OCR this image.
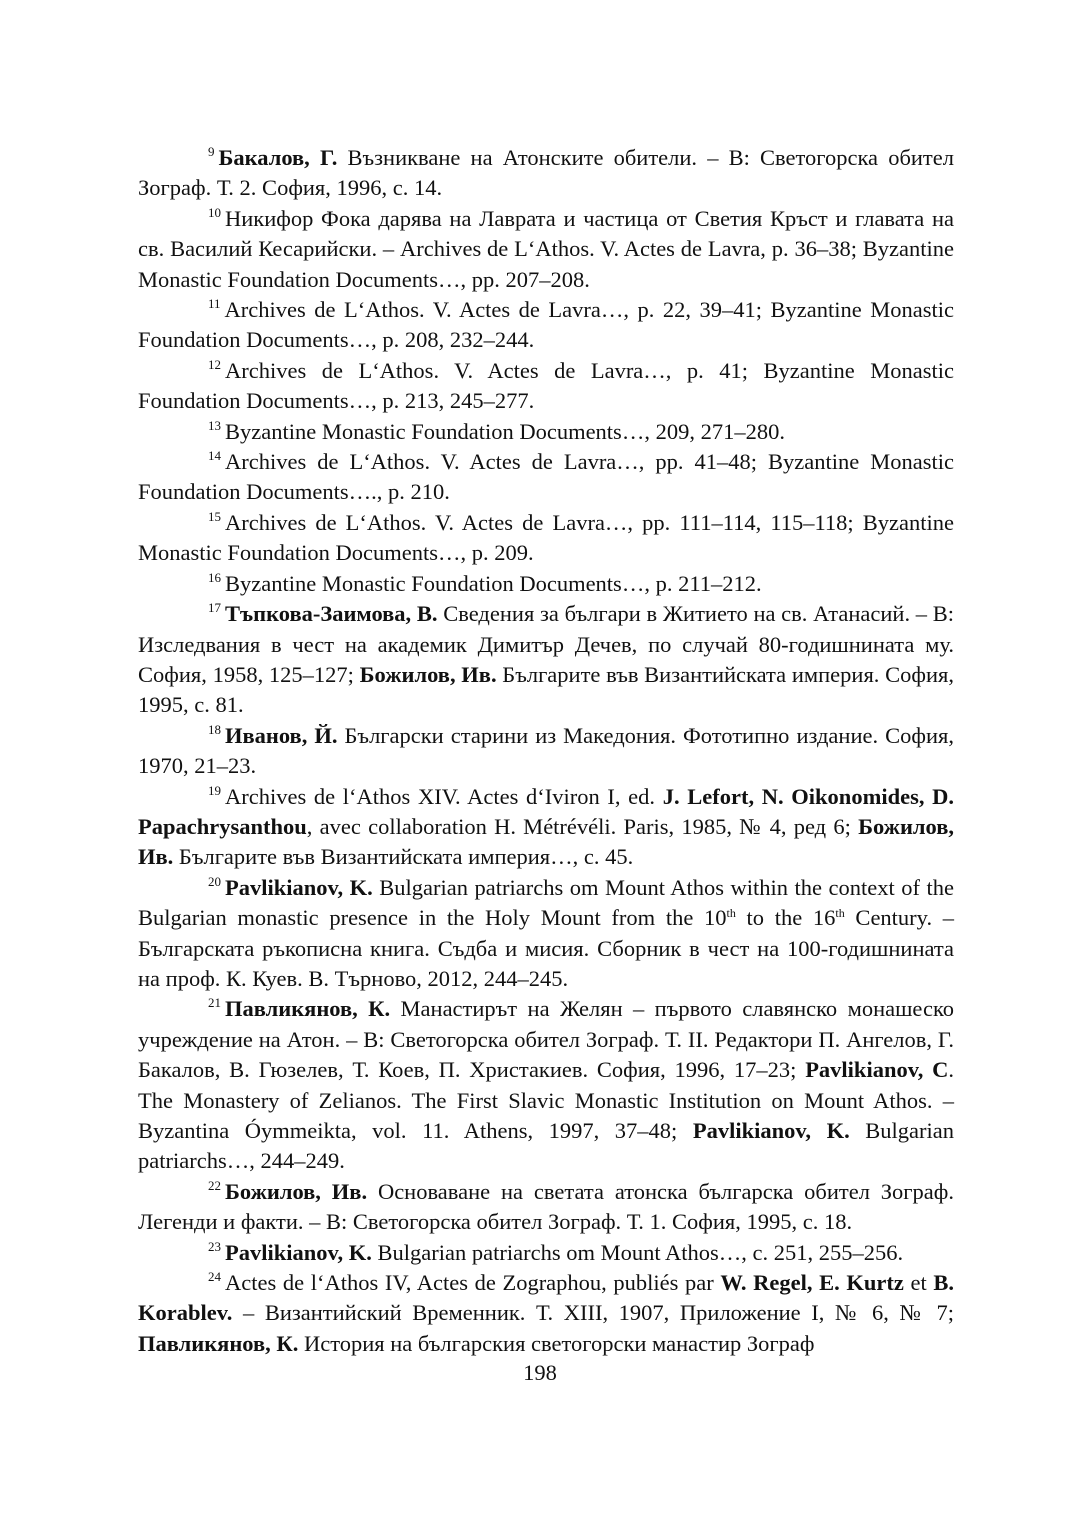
$^9$ Бакалов, Г. Възникване на Атонските обители. – В: Светогорска обител Зограф. Т. 2. София, 1996, с. 14.

$^{10}$ Никифор Фока дарява на Лаврата и частица от Светия Кръст и главата на св. Василий Кесарийски. – Archives de L‘Athos. V. Actes de Lavra, p. 36–38; Byzantine Monastic Foundation Documents…, pp. 207–208.

$^{11}$ Archives de L‘Athos. V. Actes de Lavra…, p. 22, 39–41; Byzantine Monastic Foundation Documents…, p. 208, 232–244.

$^{12}$ Archives de L‘Athos. V. Actes de Lavra…, p. 41; Byzantine Monastic Foundation Documents…, p. 213, 245–277.

$^{13}$ Byzantine Monastic Foundation Documents…, 209, 271–280.

$^{14}$ Archives de L‘Athos. V. Actes de Lavra…, pp. 41–48; Byzantine Monastic Foundation Documents…., p. 210.

$^{15}$ Archives de L‘Athos. V. Actes de Lavra…, pp. 111–114, 115–118; Byzantine Monastic Foundation Documents…, p. 209.

$^{16}$ Byzantine Monastic Foundation Documents…, p. 211–212.

$^{17}$ Тъпкова-Заимова, В. Сведения за българи в Житието на св. Атанасий. – В: Изследвания в чест на академик Димитър Дечев, по случай 80-годишнината му. София, 1958, 125–127; Божилов, Ив. Българите във Византийската империя. София, 1995, с. 81.

$^{18}$ Иванов, Й. Български старини из Македония. Фототипно издание. София, 1970, 21–23.

$^{19}$ Archives de l‘Athos XIV. Actes d‘Iviron I, ed. J. Lefort, N. Oikonomides, D. Papachrysanthou, avec collaboration H. Métrévéli. Paris, 1985, № 4, ред 6; Божилов, Ив. Българите във Византийската империя…, с. 45.

$^{20}$ Pavlikianov, K. Bulgarian patriarchs om Mount Athos within the context of the Bulgarian monastic presence in the Holy Mount from the 10th to the 16th Century. – Българската ръкописна книга. Съдба и мисия. Сборник в чест на 100-годишнината на проф. К. Куев. В. Търново, 2012, 244–245.

$^{21}$ Павликянов, К. Манастирът на Желян – първото славянско монашеско учреждение на Атон. – В: Светогорска обител Зограф. Т. II. Редактори П. Ангелов, Г. Бакалов, В. Гюзелев, Т. Коев, П. Христакиев. София, 1996, 17–23; Pavlikianov, C. The Monastery of Zelianos. The First Slavic Monastic Institution on Mount Athos. – Byzantina Óymmeikta, vol. 11. Athens, 1997, 37–48; Pavlikianov, K. Bulgarian patriarchs…, 244–249.

$^{22}$ Божилов, Ив. Основаване на светата атонска българска обител Зограф. Легенди и факти. – В: Светогорска обител Зограф. Т. 1. София, 1995, с. 18.

$^{23}$ Pavlikianov, K. Bulgarian patriarchs om Mount Athos…, с. 251, 255–256.

$^{24}$ Actes de l‘Athos IV, Actes de Zographou, publiés par W. Regel, E. Kurtz et B. Korablev. – Византийский Временник. Т. XIII, 1907, Приложение I, № 6, № 7; Павликянов, К. История на българския светогорски манастир Зограф

198
